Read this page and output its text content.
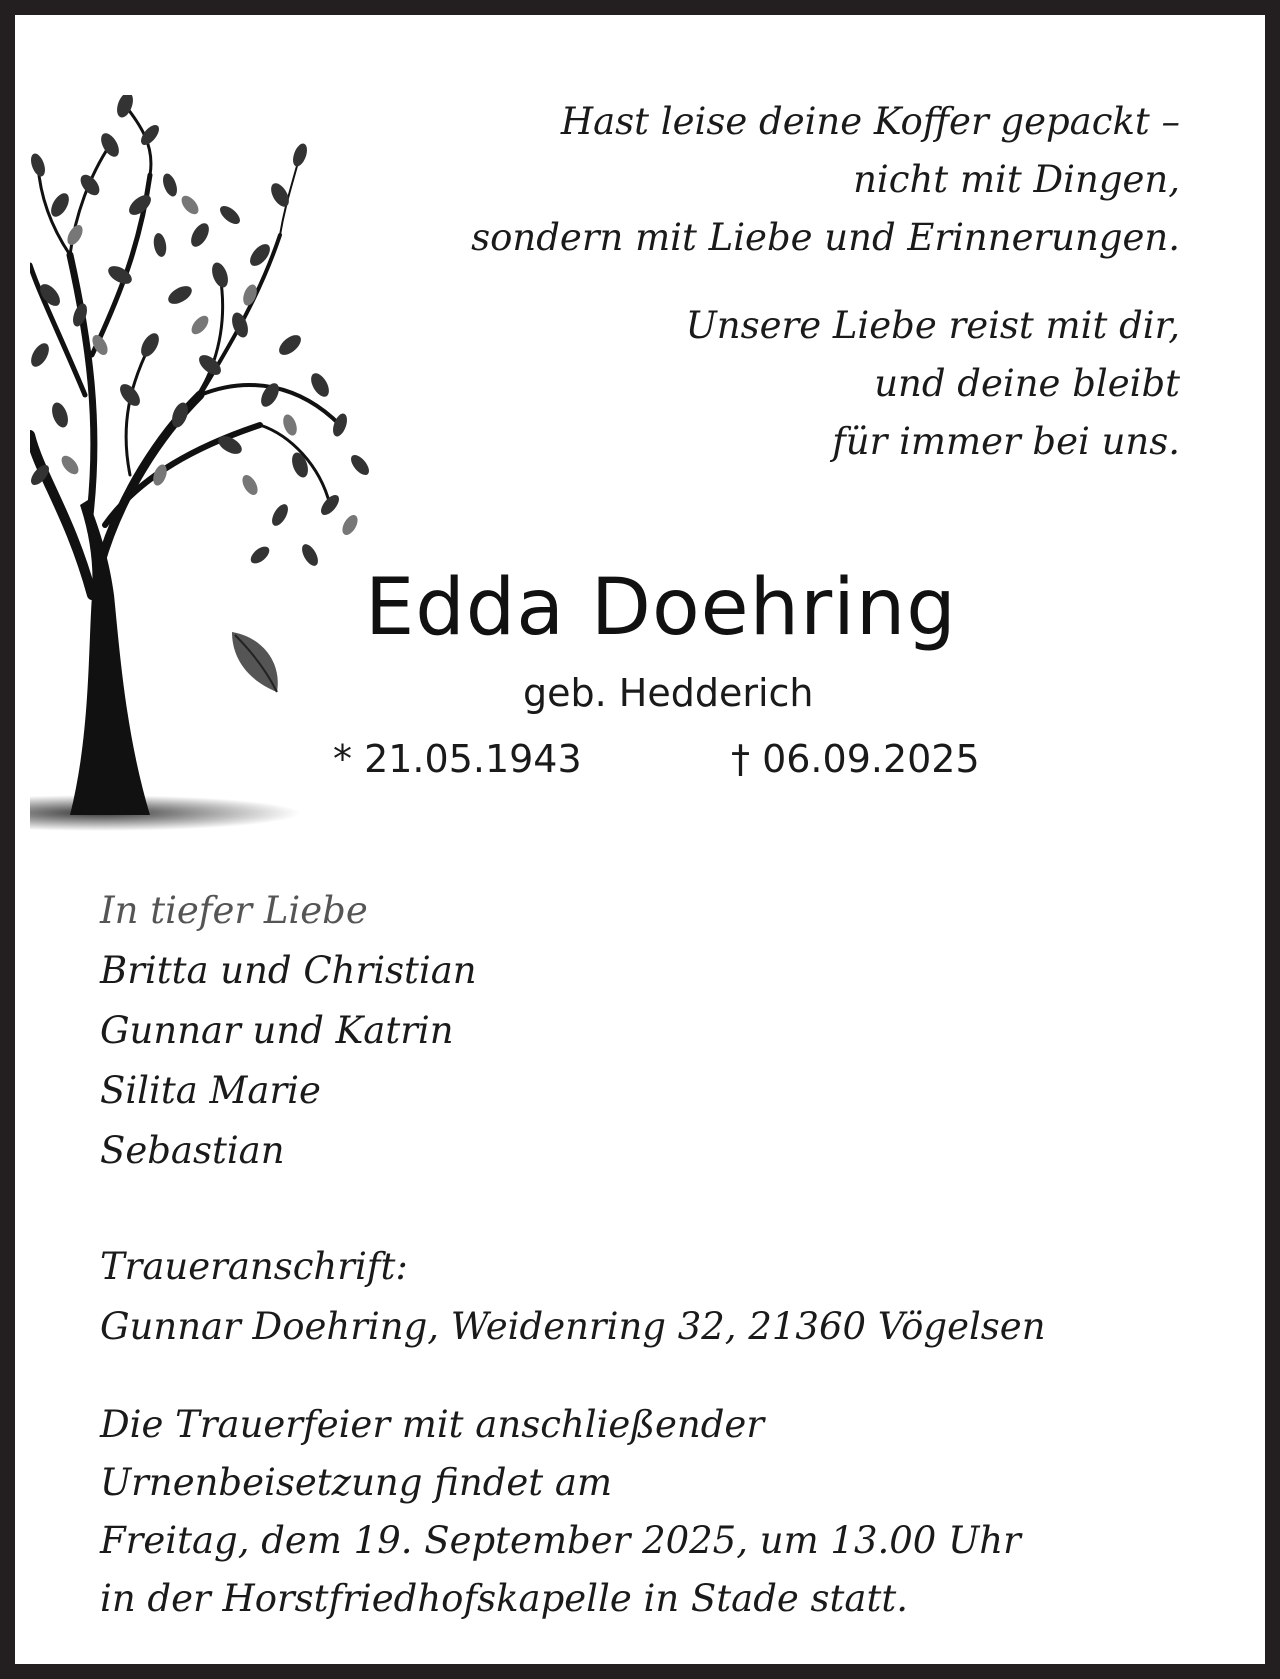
Hast leise deine Koffer gepackt –
nicht mit Dingen,
sondern mit Liebe und Erinnerungen.
Unsere Liebe reist mit dir,
und deine bleibt
für immer bei uns.
Edda Doehring
geb. Hedderich
* 21.05.1943	† 06.09.2025
In tiefer Liebe
Britta und Christian
Gunnar und Katrin
Silita Marie
Sebastian
Traueranschrift:
Gunnar Doehring, Weidenring 32, 21360 Vögelsen
Die Trauerfeier mit anschließender
Urnenbeisetzung findet am
Freitag, dem 19. September 2025, um 13.00 Uhr
in der Horstfriedhofskapelle in Stade statt.
